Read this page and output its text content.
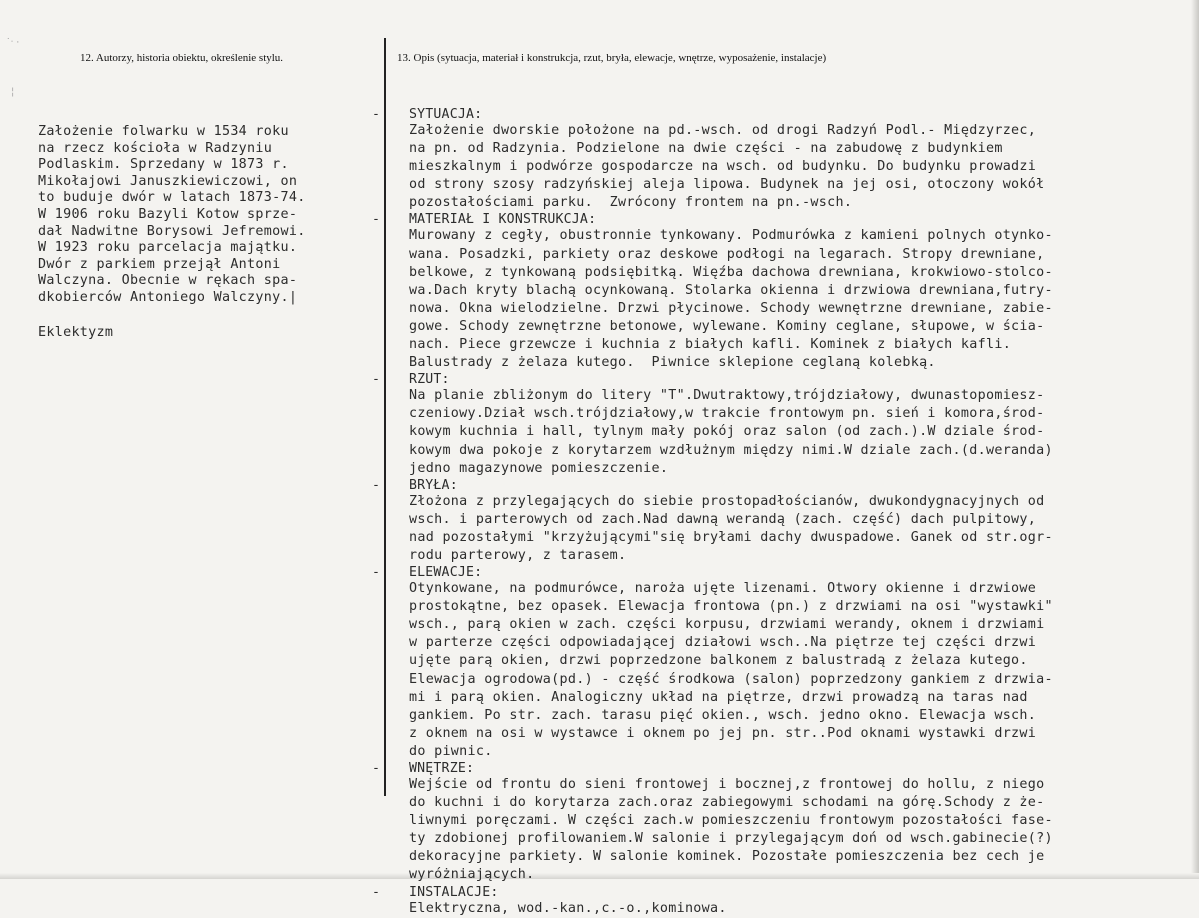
˙ˑ ·
╎
12. Autorzy, historia obiektu, określenie stylu.	13. Opis (sytuacja, materiał i konstrukcja, rzut, bryła, elewacje, wnętrze, wyposażenie, instalacje)
Założenie folwarku w 1534 roku
na rzecz kościoła w Radzyniu
Podlaskim. Sprzedany w 1873 r.
Mikołajowi Januszkiewiczowi, on
to buduje dwór w latach 1873-74.
W 1906 roku Bazyli Kotow sprze-
dał Nadwitne Borysowi Jefremowi.
W 1923 roku parcelacja majątku.
Dwór z parkiem przejął Antoni
Walczyna. Obecnie w rękach spa-
dkobierców Antoniego Walczyny.|
Eklektyzm
- SYTUACJA:
Założenie dworskie położone na pd.-wsch. od drogi Radzyń Podl.- Międzyrzec,
na pn. od Radzynia. Podzielone na dwie części - na zabudowę z budynkiem
mieszkalnym i podwórze gospodarcze na wsch. od budynku. Do budynku prowadzi
od strony szosy radzyńskiej aleja lipowa. Budynek na jej osi, otoczony wokół
pozostałościami parku.  Zwrócony frontem na pn.-wsch.
- MATERIAŁ I KONSTRUKCJA:
Murowany z cegły, obustronnie tynkowany. Podmurówka z kamieni polnych otynko-
wana. Posadzki, parkiety oraz deskowe podłogi na legarach. Stropy drewniane,
belkowe, z tynkowaną podsiębitką. Więźba dachowa drewniana, krokwiowo-stolco-
wa.Dach kryty blachą ocynkowaną. Stolarka okienna i drzwiowa drewniana,futry-
nowa. Okna wielodzielne. Drzwi płycinowe. Schody wewnętrzne drewniane, zabie-
gowe. Schody zewnętrzne betonowe, wylewane. Kominy ceglane, słupowe, w ścia-
nach. Piece grzewcze i kuchnia z białych kafli. Kominek z białych kafli.
Balustrady z żelaza kutego.  Piwnice sklepione ceglaną kolebką.
- RZUT:
Na planie zbliżonym do litery "T".Dwutraktowy,trójdziałowy, dwunastopomiesz-
czeniowy.Dział wsch.trójdziałowy,w trakcie frontowym pn. sień i komora,środ-
kowym kuchnia i hall, tylnym mały pokój oraz salon (od zach.).W dziale środ-
kowym dwa pokoje z korytarzem wzdłużnym między nimi.W dziale zach.(d.weranda)
jedno magazynowe pomieszczenie.
- BRYŁA:
Złożona z przylegających do siebie prostopadłościanów, dwukondygnacyjnych od
wsch. i parterowych od zach.Nad dawną werandą (zach. część) dach pulpitowy,
nad pozostałymi "krzyżującymi"się bryłami dachy dwuspadowe. Ganek od str.ogr-
rodu parterowy, z tarasem.
- ELEWACJE:
Otynkowane, na podmurówce, naroża ujęte lizenami. Otwory okienne i drzwiowe
prostokątne, bez opasek. Elewacja frontowa (pn.) z drzwiami na osi "wystawki"
wsch., parą okien w zach. części korpusu, drzwiami werandy, oknem i drzwiami
w parterze części odpowiadającej działowi wsch..Na piętrze tej części drzwi
ujęte parą okien, drzwi poprzedzone balkonem z balustradą z żelaza kutego.
Elewacja ogrodowa(pd.) - część środkowa (salon) poprzedzony gankiem z drzwia-
mi i parą okien. Analogiczny układ na piętrze, drzwi prowadzą na taras nad
gankiem. Po str. zach. tarasu pięć okien., wsch. jedno okno. Elewacja wsch.
z oknem na osi w wystawce i oknem po jej pn. str..Pod oknami wystawki drzwi
do piwnic.
- WNĘTRZE:
Wejście od frontu do sieni frontowej i bocznej,z frontowej do hollu, z niego
do kuchni i do korytarza zach.oraz zabiegowymi schodami na górę.Schody z że-
liwnymi poręczami. W części zach.w pomieszczeniu frontowym pozostałości fase-
ty zdobionej profilowaniem.W salonie i przylegającym doń od wsch.gabinecie(?)
dekoracyjne parkiety. W salonie kominek. Pozostałe pomieszczenia bez cech je
wyróżniających.
- INSTALACJE:
Elektryczna, wod.-kan.,c.-o.,kominowa.
